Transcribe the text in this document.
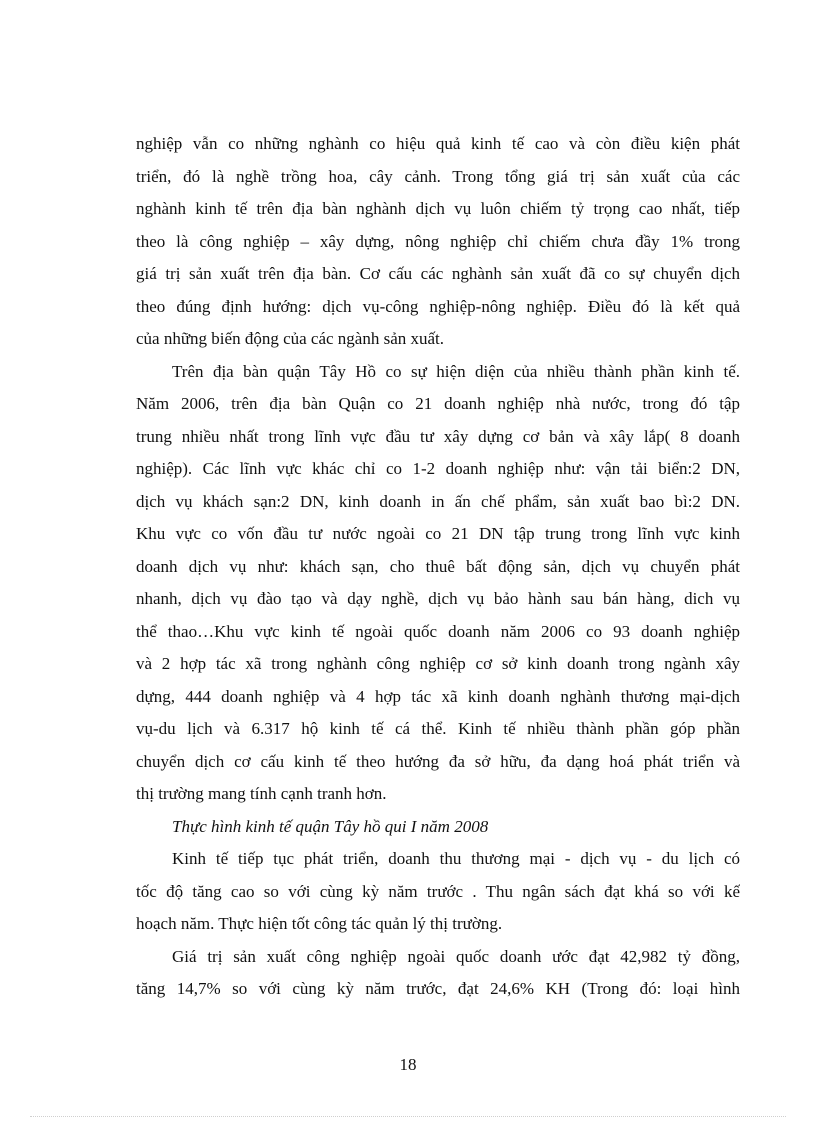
nghiệp vẫn co những nghành co hiệu quả kinh tế cao và còn điều kiện phát
triển, đó là nghề trồng hoa, cây cảnh. Trong tổng giá trị sản xuất của các
nghành kinh tế trên địa bàn nghành dịch vụ luôn chiếm tỷ trọng cao nhất, tiếp
theo là công nghiệp – xây dựng, nông nghiệp chỉ chiếm chưa đầy 1% trong
giá trị sản xuất trên địa bàn. Cơ cấu các nghành sản xuất đã co sự chuyển dịch
theo đúng định hướng: dịch vụ-công nghiệp-nông nghiệp. Điều đó là kết quả
của những biến động của các ngành sản xuất.
Trên địa bàn quận Tây Hồ co sự hiện diện của nhiều thành phần kinh tế.
Năm 2006, trên địa bàn Quận co 21 doanh nghiệp nhà nước, trong đó tập
trung nhiều nhất trong lĩnh vực đầu tư xây dựng cơ bản và xây lắp( 8 doanh
nghiệp). Các lĩnh vực khác chỉ co 1-2 doanh nghiệp như: vận tải biển:2 DN,
dịch vụ khách sạn:2 DN, kinh doanh in ấn chế phẩm, sản xuất bao bì:2 DN.
Khu vực co vốn đầu tư nước ngoài co 21 DN tập trung trong lĩnh vực kinh
doanh dịch vụ như: khách sạn, cho thuê bất động sản, dịch vụ chuyển phát
nhanh, dịch vụ đào tạo và dạy nghề, dịch vụ bảo hành sau bán hàng, dich vụ
thể thao…Khu vực kinh tế ngoài quốc doanh năm 2006 co 93 doanh nghiệp
và 2 hợp tác xã trong nghành công nghiệp cơ sở kinh doanh trong ngành xây
dựng, 444 doanh nghiệp và 4 hợp tác xã kinh doanh nghành thương mại-dịch
vụ-du lịch và 6.317 hộ kinh tế cá thể. Kinh tế nhiều thành phần góp phần
chuyển dịch cơ cấu kinh tế theo hướng đa sở hữu, đa dạng hoá phát triển và
thị trường mang tính cạnh tranh hơn.
Thực hình kinh tế quận Tây hồ qui I năm 2008
Kinh tế tiếp tục phát triển, doanh thu thương mại - dịch vụ - du lịch có
tốc độ tăng cao so với cùng kỳ năm trước . Thu ngân sách đạt khá so với kế
hoạch năm. Thực hiện tốt công tác quản lý thị trường.
Giá trị sản xuất công nghiệp ngoài quốc doanh ước đạt 42,982 tỷ đồng,
tăng 14,7% so với cùng kỳ năm trước, đạt 24,6% KH (Trong đó: loại hình
18
